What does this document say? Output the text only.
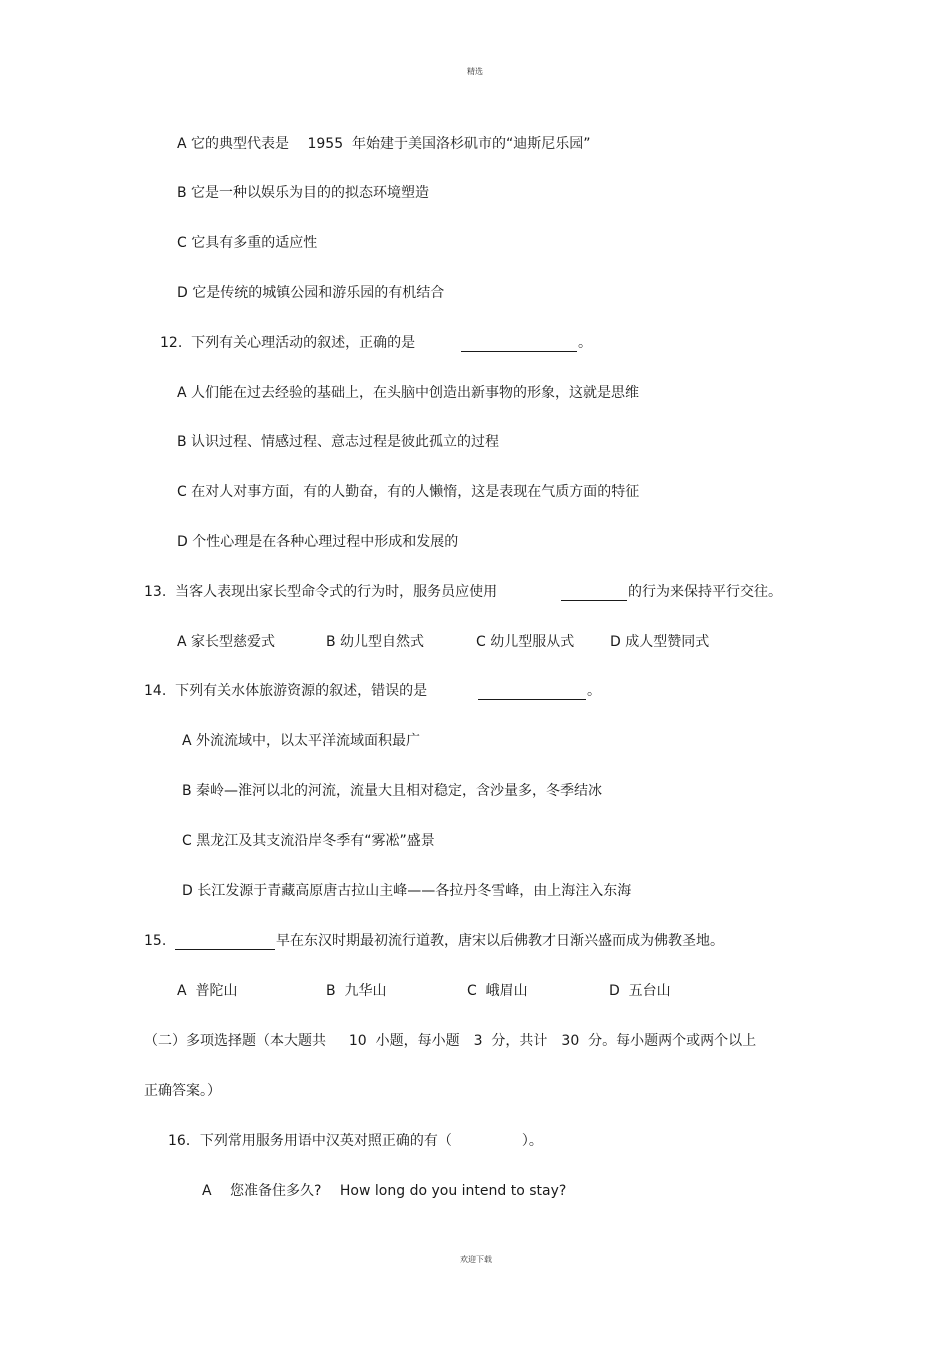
精选
A 它的典型代表是　 1955  年始建于美国洛杉矶市的“迪斯尼乐园”
B 它是一种以娱乐为目的的拟态环境塑造
C 它具有多重的适应性
D 它是传统的城镇公园和游乐园的有机结合
12.  下列有关心理活动的叙述，正确的是	。
A 人们能在过去经验的基础上，在头脑中创造出新事物的形象，这就是思维
B 认识过程、情感过程、意志过程是彼此孤立的过程
C 在对人对事方面，有的人勤奋，有的人懒惰，这是表现在气质方面的特征
D 个性心理是在各种心理过程中形成和发展的
13.  当客人表现出家长型命令式的行为时，服务员应使用	的行为来保持平行交往。
A 家长型慈爱式	B 幼儿型自然式	C 幼儿型服从式	D 成人型赞同式
14.  下列有关水体旅游资源的叙述，错误的是	。
A 外流流域中，以太平洋流域面积最广
B 秦岭—淮河以北的河流，流量大且相对稳定，含沙量多，冬季结冰
C 黑龙江及其支流沿岸冬季有“雾凇”盛景
D 长江发源于青藏高原唐古拉山主峰——各拉丹冬雪峰，由上海注入东海
15.	早在东汉时期最初流行道教，唐宋以后佛教才日渐兴盛而成为佛教圣地。
A  普陀山	B  九华山	C  峨眉山	D  五台山
（二）多项选择题（本大题共　  10  小题，每小题　3  分，共计　30  分。每小题两个或两个以上
正确答案。）
16．下列常用服务用语中汉英对照正确的有（　　　　　）。
A　 您准备住多久?　 How long do you intend to stay?
欢迎下载
